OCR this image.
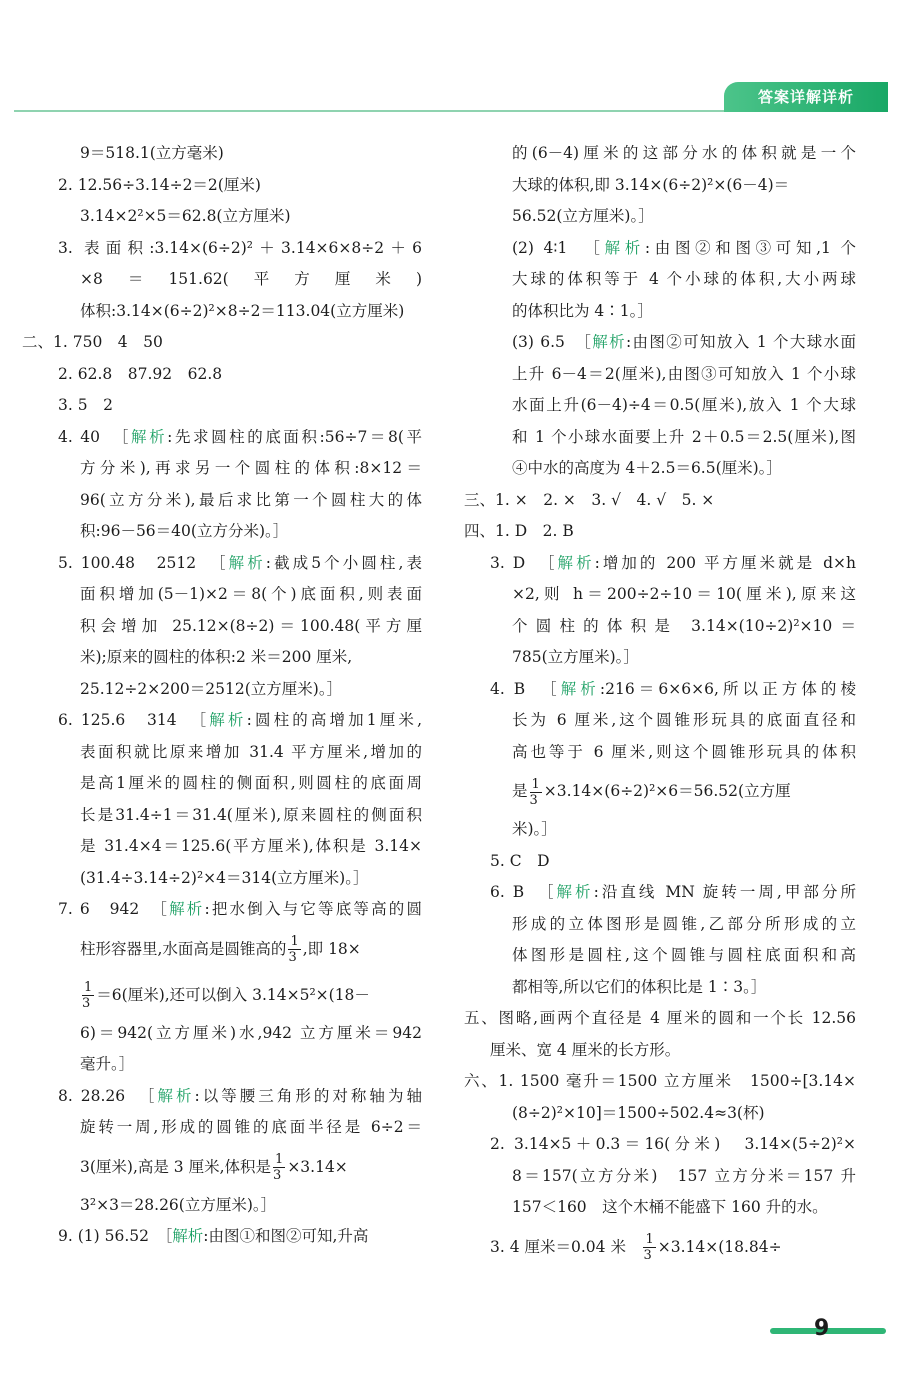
答案详解详析
9＝518.1(立方毫米)
2. 12.56÷3.14÷2＝2(厘米)
3.14×2²×5＝62.8(立方厘米)
3. 表面积:3.14×(6÷2)²＋3.14×6×8÷2＋6
×8＝151.62(平方厘米)
体积:3.14×(6÷2)²×8÷2＝113.04(立方厘米)
二、1. 750　4　50
2. 62.8　87.92　62.8
3. 5　2
4. 40　［解析:先求圆柱的底面积:56÷7＝8(平
方分米),再求另一个圆柱的体积:8×12＝
96(立方分米),最后求比第一个圆柱大的体
积:96－56＝40(立方分米)。］
5. 100.48　2512　［解析:截成5个小圆柱,表
面积增加(5－1)×2＝8(个)底面积,则表面
积会增加 25.12×(8÷2)＝100.48(平方厘
米);原来的圆柱的体积:2 米＝200 厘米,
25.12÷2×200＝2512(立方厘米)。］
6. 125.6　314　［解析:圆柱的高增加1厘米,
表面积就比原来增加 31.4 平方厘米,增加的
是高1厘米的圆柱的侧面积,则圆柱的底面周
长是31.4÷1＝31.4(厘米),原来圆柱的侧面积
是 31.4×4＝125.6(平方厘米),体积是 3.14×
(31.4÷3.14÷2)²×4＝314(立方厘米)。］
7. 6　942　［解析:把水倒入与它等底等高的圆
柱形容器里,水面高是圆锥高的 $\frac{1}{3}$ ,即 18×
$\frac{1}{3} =6$(厘米),还可以倒入 3.14×5²×(18－
6)＝942(立方厘米)水,942 立方厘米＝942
毫升。］
8. 28.26　［解析:以等腰三角形的对称轴为轴
旋转一周,形成的圆锥的底面半径是 6÷2＝
3(厘米),高是 3 厘米,体积是 $\frac{1}{3} \times 3.14\times$
3²×3＝28.26(立方厘米)。］
9. (1) 56.52　［解析:由图①和图②可知,升高
的(6－4)厘米的这部分水的体积就是一个
大球的体积,即 3.14×(6÷2)²×(6－4)＝
56.52(立方厘米)。］
(2) 4∶1　［解析:由图②和图③可知,1 个
大球的体积等于 4 个小球的体积,大小两球
的体积比为 4∶1。］
(3) 6.5　［解析:由图②可知放入 1 个大球水面
上升 6－4＝2(厘米),由图③可知放入 1 个小球
水面上升(6－4)÷4＝0.5(厘米),放入 1 个大球
和 1 个小球水面要上升 2＋0.5＝2.5(厘米),图
④中水的高度为 4＋2.5＝6.5(厘米)。］
三、1. ×　2. ×　3. √　4. √　5. ×
四、1. D　2. B
3. D　［解析:增加的 200 平方厘米就是 d×h
×2,则 h＝200÷2÷10＝10(厘米),原来这
个圆柱的体积是 3.14×(10÷2)²×10＝
785(立方厘米)。］
4. B　［解析:216＝6×6×6,所以正方体的棱
长为 6 厘米,这个圆锥形玩具的底面直径和
高也等于 6 厘米,则这个圆锥形玩具的体积
是 $\frac{1}{3} \times 3.14\times(6\div 2)^2\times 6=56.52$(立方厘
米)。］
5. C　D
6. B　［解析:沿直线 MN 旋转一周,甲部分所
形成的立体图形是圆锥,乙部分所形成的立
体图形是圆柱,这个圆锥与圆柱底面积和高
都相等,所以它们的体积比是 1∶3。］
五、图略,画两个直径是 4 厘米的圆和一个长 12.56
厘米、宽 4 厘米的长方形。
六、1. 1500 毫升＝1500 立方厘米　1500÷[3.14×
(8÷2)²×10]＝1500÷502.4≈3(杯)
2. 3.14×5＋0.3＝16(分米)　3.14×(5÷2)²×
8＝157(立方分米)　157 立方分米＝157 升
157＜160　这个木桶不能盛下 160 升的水。
3. 4 厘米＝0.04 米　 $\frac{1}{3} \times 3.14\times(18.84\div$
9
